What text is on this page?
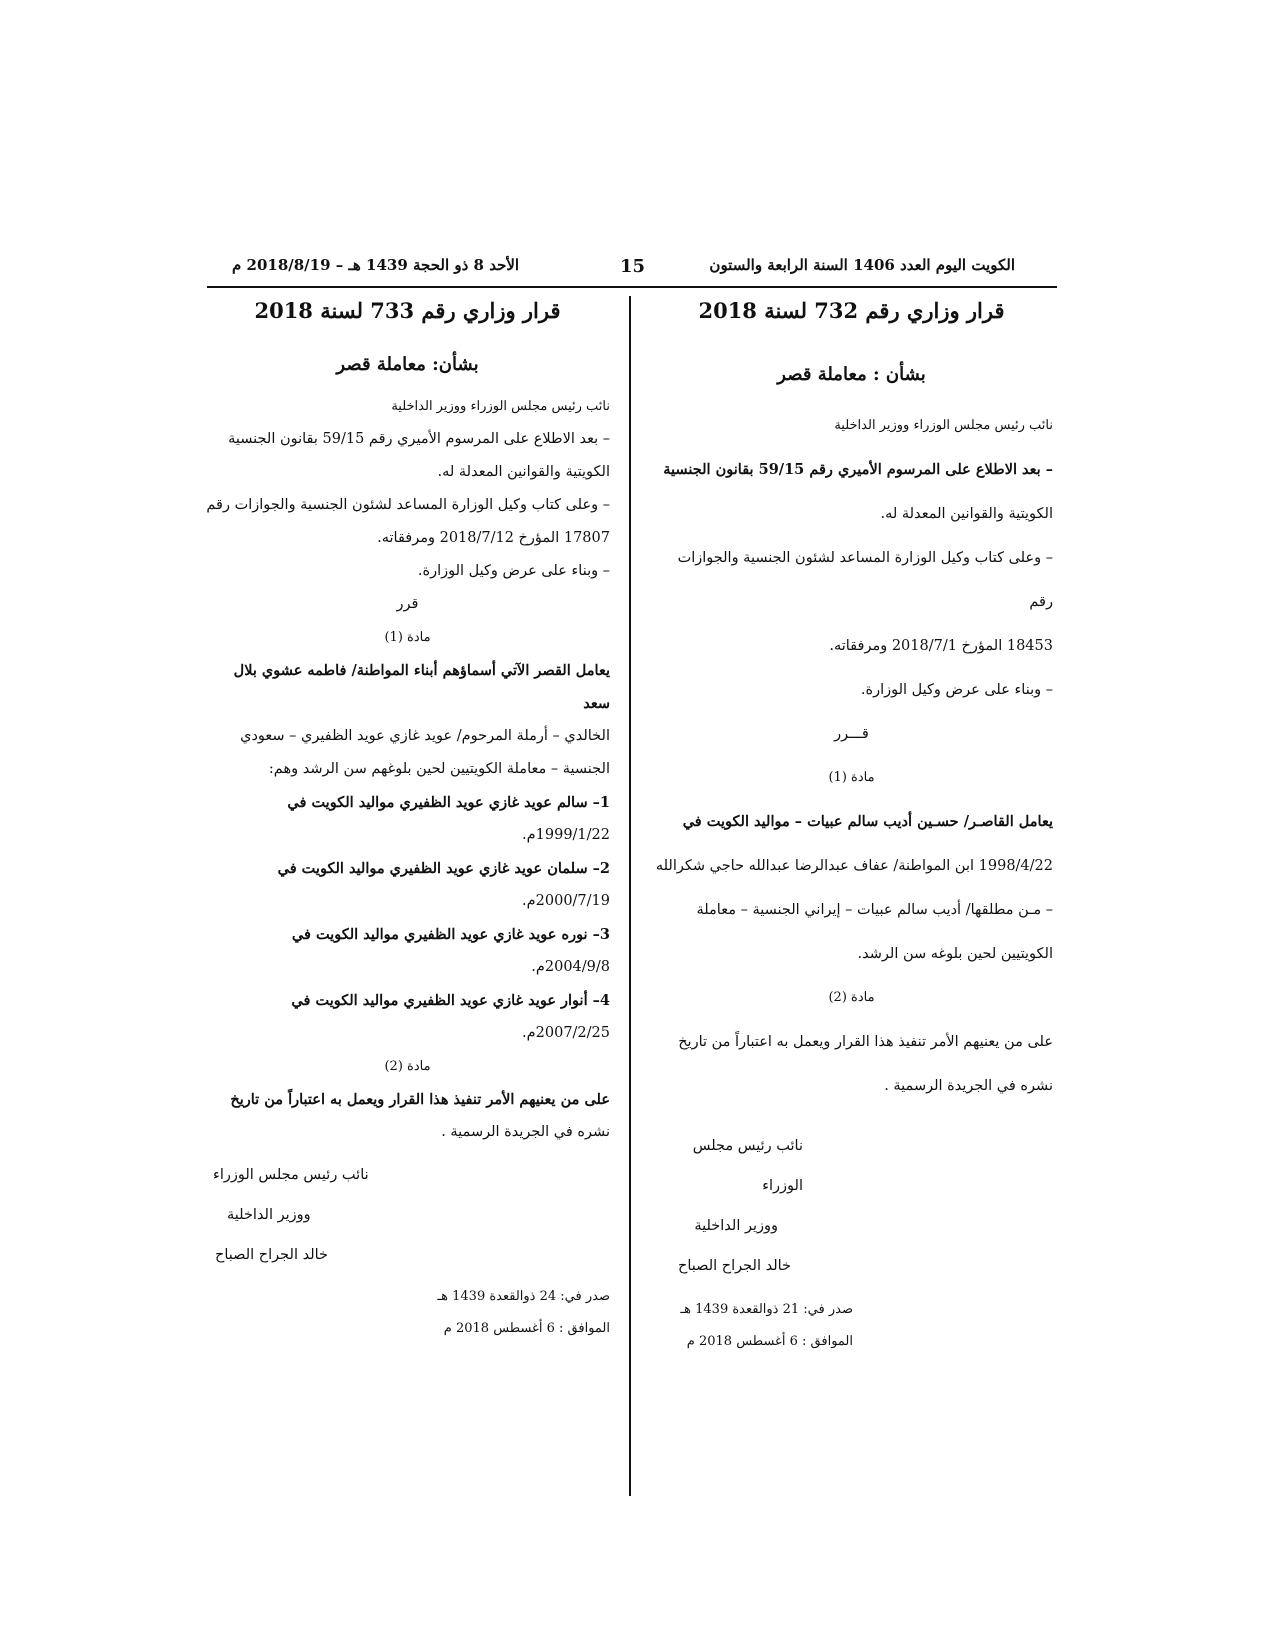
الكويت اليوم العدد 1406 السنة الرابعة والستون
15
الأحد 8 ذو الحجة 1439 هـ – 2018/8/19 م

قرار وزاري رقم 732 لسنة 2018

بشأن : معاملة قصر

نائب رئيس مجلس الوزراء ووزير الداخلية

– بعد الاطلاع على المرسوم الأميري رقم 59/15 بقانون الجنسية

الكويتية والقوانين المعدلة له.

– وعلى كتاب وكيل الوزارة المساعد لشئون الجنسية والجوازات رقم

18453 المؤرخ 2018/7/1 ومرفقاته.

– وبناء على عرض وكيل الوزارة.

قـــرر

مادة (1)

يعامل القاصـر/ حسـين أديب سالم عبيات – مواليد الكويت في

1998/4/22 ابن المواطنة/ عفاف عبدالرضا عبدالله حاجي شكرالله

– مـن مطلقها/ أديب سالم عبيات – إيراني الجنسية – معاملة

الكويتيين لحين بلوغه سن الرشد.

مادة (2)

على من يعنيهم الأمر تنفيذ هذا القرار ويعمل به اعتباراً من تاريخ

نشره في الجريدة الرسمية .

نائب رئيس مجلس الوزراء

ووزير الداخلية

خالد الجراح الصباح

صدر في: 21 ذوالقعدة 1439 هـ

الموافق : 6 أغسطس 2018 م

قرار وزاري رقم 733 لسنة 2018

بشأن: معاملة قصر

نائب رئيس مجلس الوزراء ووزير الداخلية

– بعد الاطلاع على المرسوم الأميري رقم 59/15 بقانون الجنسية

الكويتية والقوانين المعدلة له.

– وعلى كتاب وكيل الوزارة المساعد لشئون الجنسية والجوازات رقم

17807 المؤرخ 2018/7/12 ومرفقاته.

– وبناء على عرض وكيل الوزارة.

قرر

مادة (1)

يعامل القصر الآتي أسماؤهم أبناء المواطنة/ فاطمه عشوي بلال سعد

الخالدي – أرملة المرحوم/ عويد غازي عويد الظفيري – سعودي

الجنسية – معاملة الكويتيين لحين بلوغهم سن الرشد وهم:

1– سالم عويد غازي عويد الظفيري مواليد الكويت في

1999/1/22م.

2– سلمان عويد غازي عويد الظفيري مواليد الكويت في

2000/7/19م.

3– نوره عويد غازي عويد الظفيري مواليد الكويت في

2004/9/8م.

4– أنوار عويد غازي عويد الظفيري مواليد الكويت في

2007/2/25م.

مادة (2)

على من يعنيهم الأمر تنفيذ هذا القرار ويعمل به اعتباراً من تاريخ

نشره في الجريدة الرسمية .

نائب رئيس مجلس الوزراء

ووزير الداخلية

خالد الجراح الصباح

صدر في: 24 ذوالقعدة 1439 هـ

الموافق : 6 أغسطس 2018 م
